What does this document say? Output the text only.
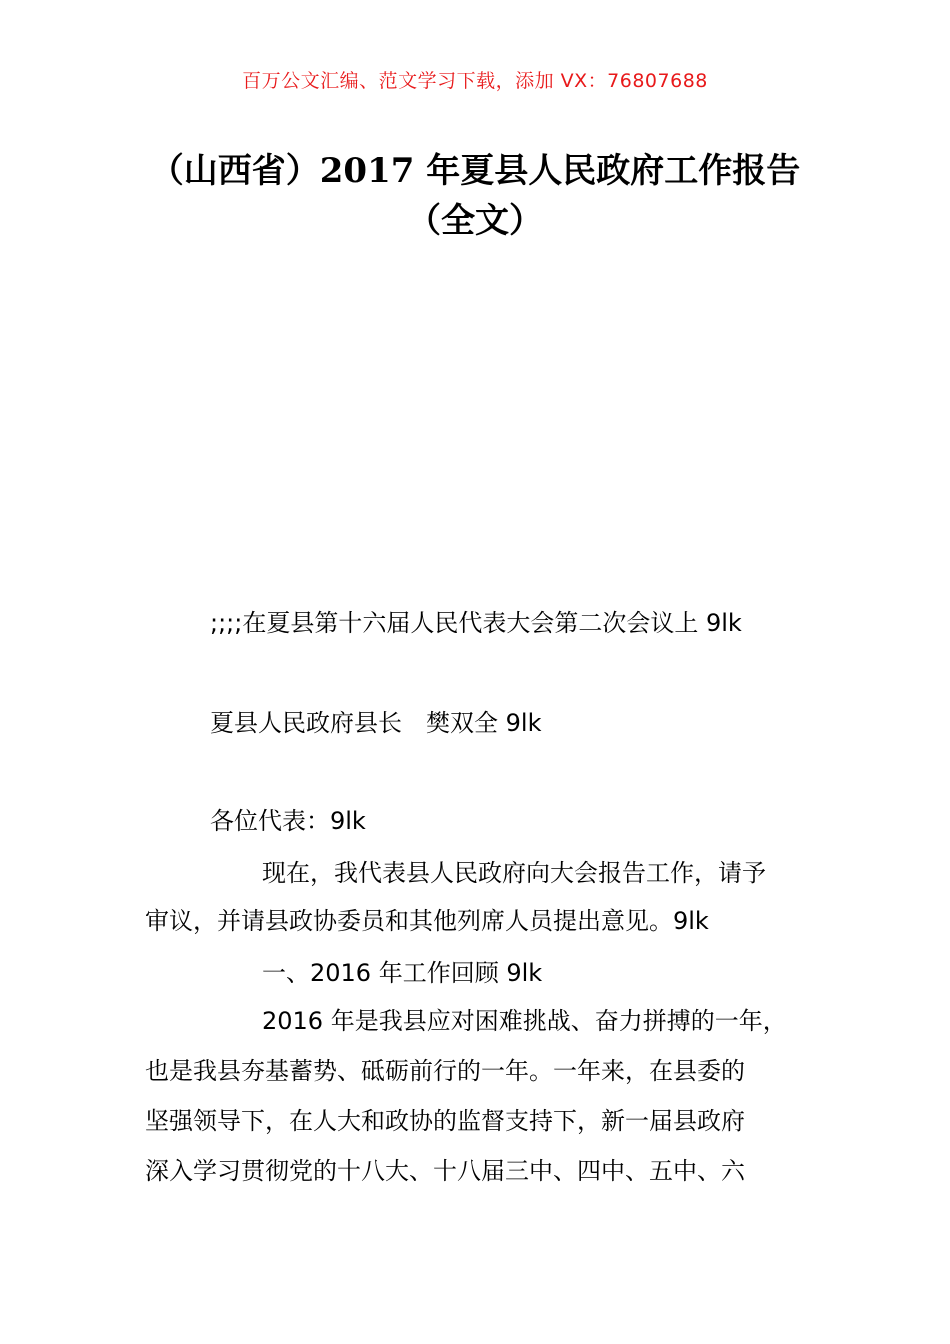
百万公文汇编、范文学习下载，添加 VX：76807688
（山西省）2017 年夏县人民政府工作报告
（全文）
;;;;在夏县第十六届人民代表大会第二次会议上 9lk
夏县人民政府县长　樊双全 9lk
各位代表：9lk
现在，我代表县人民政府向大会报告工作，请予
审议，并请县政协委员和其他列席人员提出意见。9lk
一、2016 年工作回顾 9lk
2016 年是我县应对困难挑战、奋力拼搏的一年，
也是我县夯基蓄势、砥砺前行的一年。一年来，在县委的
坚强领导下，在人大和政协的监督支持下，新一届县政府
深入学习贯彻党的十八大、十八届三中、四中、五中、六
